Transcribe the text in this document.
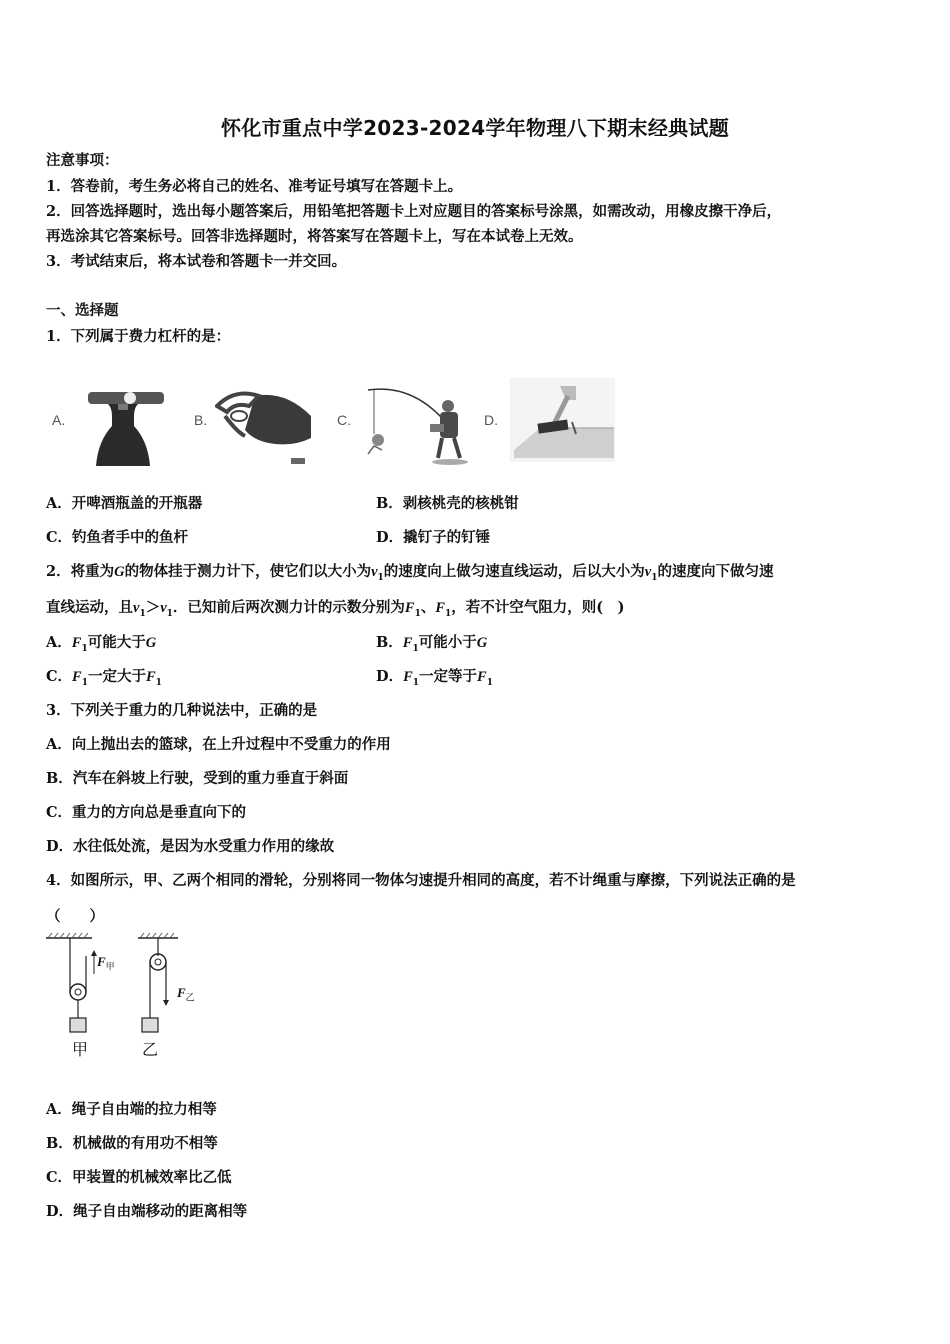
怀化市重点中学2023-2024学年物理八下期末经典试题
注意事项：
1．答卷前，考生务必将自己的姓名、准考证号填写在答题卡上。
2．回答选择题时，选出每小题答案后，用铅笔把答题卡上对应题目的答案标号涂黑，如需改动，用橡皮擦干净后，
再选涂其它答案标号。回答非选择题时，将答案写在答题卡上，写在本试卷上无效。
3．考试结束后，将本试卷和答题卡一并交回。
一、选择题
1．下列属于费力杠杆的是：
A.	B.	C.	D.
A．开啤酒瓶盖的开瓶器	B．剥核桃壳的核桃钳
C．钓鱼者手中的鱼杆	D．撬钉子的钉锤
2．将重为G的物体挂于测力计下，使它们以大小为$v_1$的速度向上做匀速直线运动，后以大小为$v_1$的速度向下做匀速
直线运动，且$v_1>v_1$．已知前后两次测力计的示数分别为$F_1$、$F_1$，若不计空气阻力，则(　)
A．$F_1$可能大于G	B．$F_1$可能小于G
C．$F_1$一定大于$F_1$	D．$F_1$一定等于$F_1$
3．下列关于重力的几种说法中，正确的是
A．向上抛出去的篮球，在上升过程中不受重力的作用
B．汽车在斜坡上行驶，受到的重力垂直于斜面
C．重力的方向总是垂直向下的
D．水往低处流，是因为水受重力作用的缘故
4．如图所示，甲、乙两个相同的滑轮，分别将同一物体匀速提升相同的高度，若不计绳重与摩擦，下列说法正确的是
（　　）
$F_甲$
$F_乙$
甲	乙
A．绳子自由端的拉力相等
B．机械做的有用功不相等
C．甲装置的机械效率比乙低
D．绳子自由端移动的距离相等
